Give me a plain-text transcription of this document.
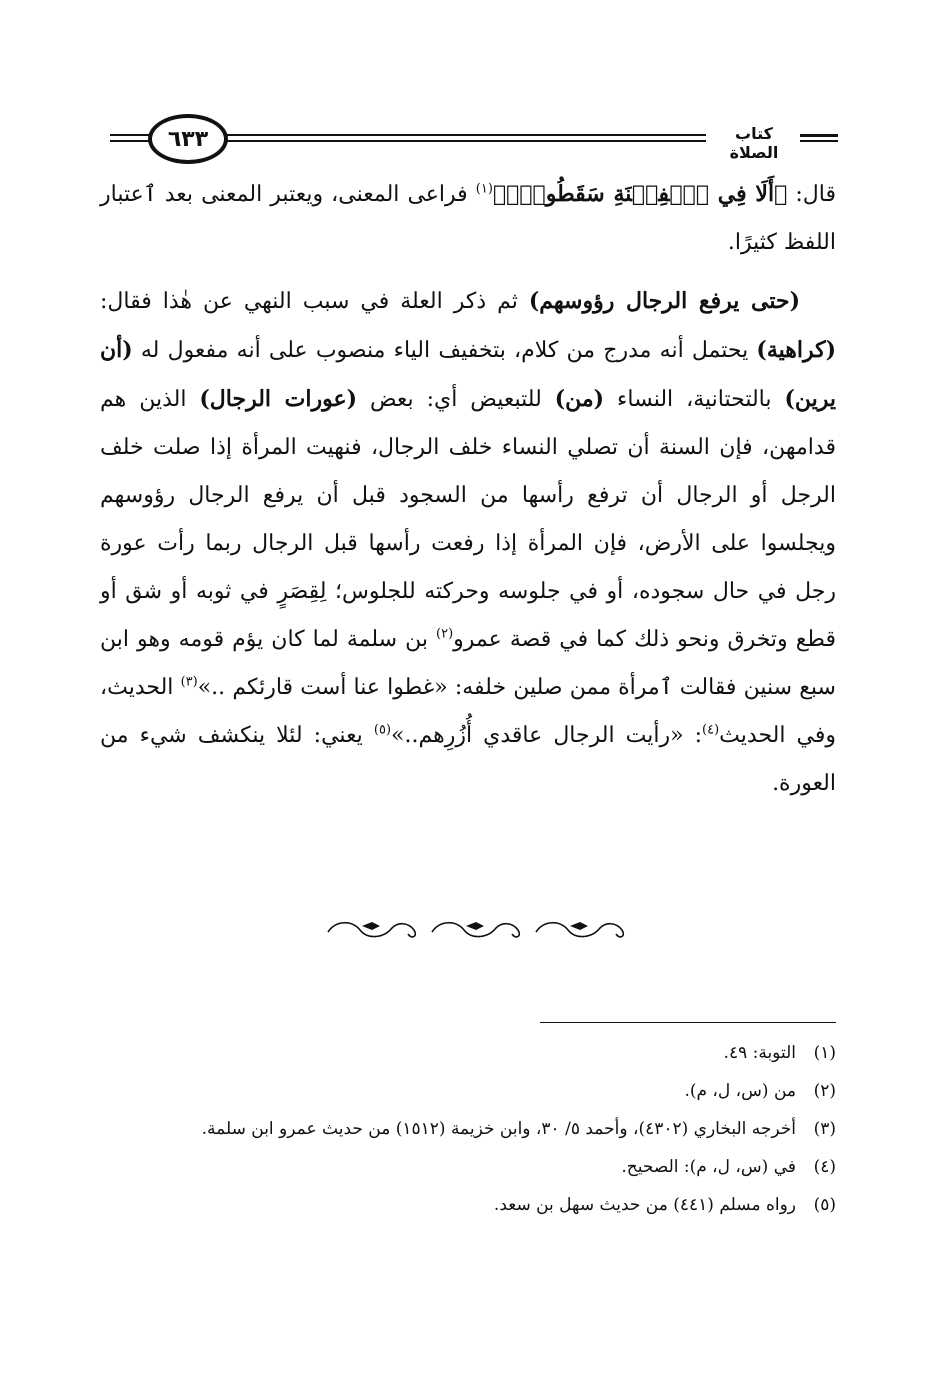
٦٣٣	كتاب الصلاة

قال: ﴿أَلَا فِي ٱلۡفِتۡنَةِ سَقَطُواْۗ﴾$^{(١)}$ فراعى المعنى، ويعتبر المعنى بعد ٱعتبار اللفظ كثيرًا.

(حتى يرفع الرجال رؤوسهم) ثم ذكر العلة في سبب النهي عن هٰذا فقال: (كراهية) يحتمل أنه مدرج من كلام، بتخفيف الياء منصوب على أنه مفعول له (أن يرين) بالتحتانية، النساء (من) للتبعيض أي: بعض (عورات الرجال) الذين هم قدامهن، فإن السنة أن تصلي النساء خلف الرجال، فنهيت المرأة إذا صلت خلف الرجل أو الرجال أن ترفع رأسها من السجود قبل أن يرفع الرجال رؤوسهم ويجلسوا على الأرض، فإن المرأة إذا رفعت رأسها قبل الرجال ربما رأت عورة رجل في حال سجوده، أو في جلوسه وحركته للجلوس؛ لِقِصَرٍ في ثوبه أو شق أو قطع وتخرق ونحو ذلك كما في قصة عمرو$^{(٢)}$ بن سلمة لما كان يؤم قومه وهو ابن سبع سنين فقالت ٱمرأة ممن صلين خلفه: «غطوا عنا أست قارئكم ..»$^{(٣)}$ الحديث، وفي الحديث$^{(٤)}$: «رأيت الرجال عاقدي أُزُرِهم..»$^{(٥)}$ يعني: لئلا ينكشف شيء من العورة.

(١)
التوبة: ٤٩.
(٢)
من (س، ل، م).
(٣)
أخرجه البخاري (٤٣٠٢)، وأحمد ٥/ ٣٠، وابن خزيمة (١٥١٢) من حديث عمرو ابن سلمة.
(٤)
في (س، ل، م): الصحيح.
(٥)
رواه مسلم (٤٤١) من حديث سهل بن سعد.
